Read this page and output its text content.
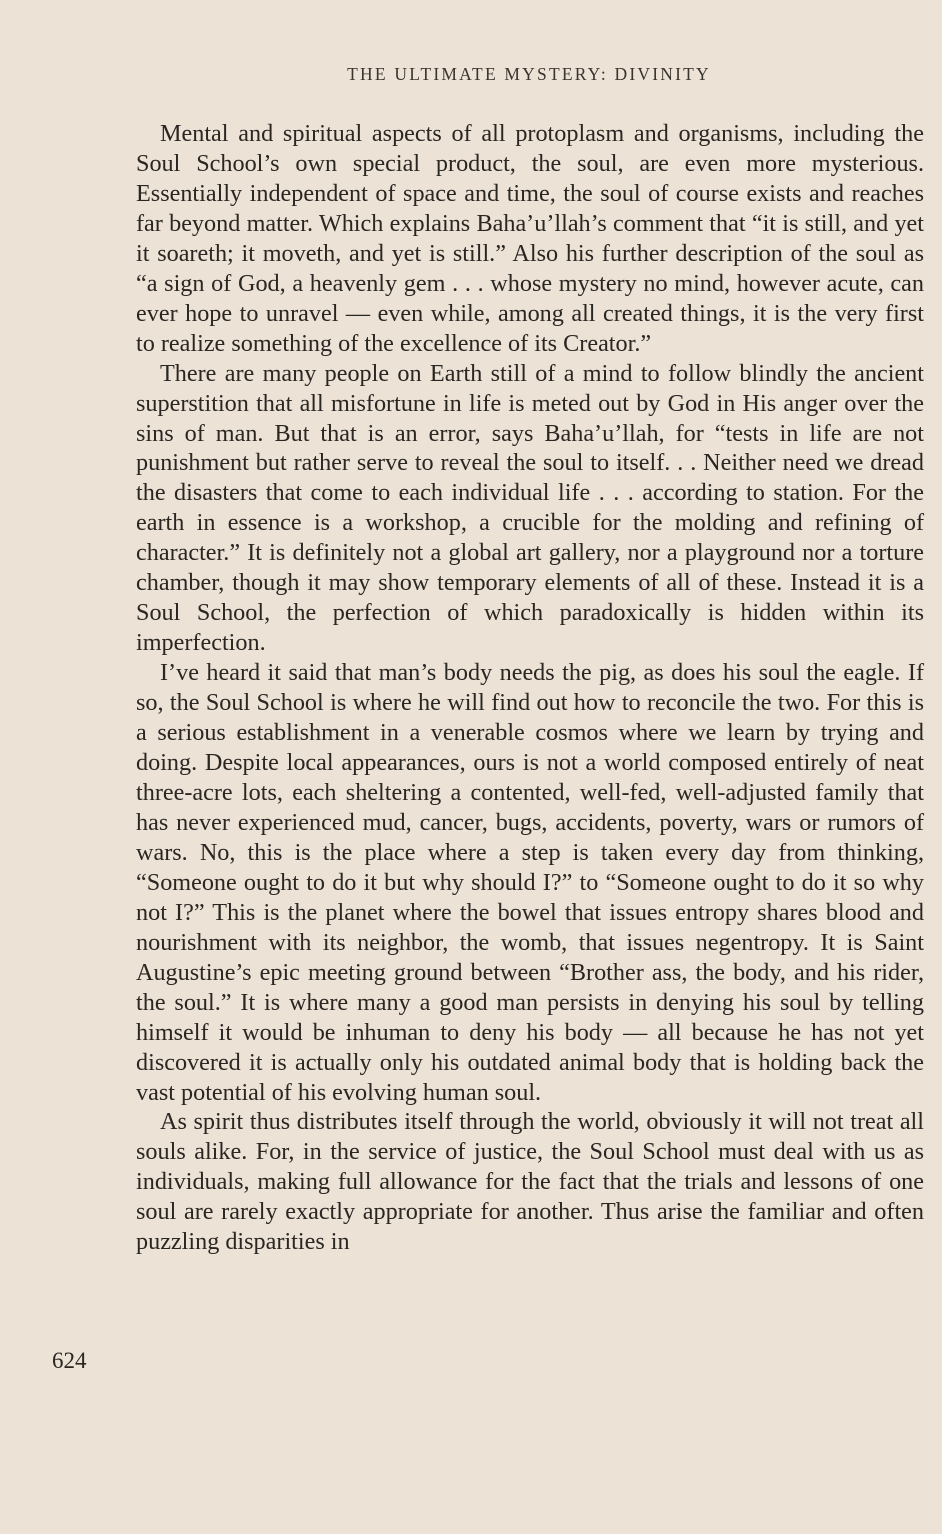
THE ULTIMATE MYSTERY: DIVINITY

Mental and spiritual aspects of all protoplasm and organisms, including the Soul School’s own special product, the soul, are even more mysterious. Essentially independent of space and time, the soul of course exists and reaches far beyond matter. Which explains Baha’u’llah’s comment that “it is still, and yet it soareth; it moveth, and yet is still.” Also his further description of the soul as “a sign of God, a heavenly gem . . . whose mystery no mind, however acute, can ever hope to unravel — even while, among all created things, it is the very first to realize something of the excellence of its Creator.”

There are many people on Earth still of a mind to follow blindly the ancient superstition that all misfortune in life is meted out by God in His anger over the sins of man. But that is an error, says Baha’u’llah, for “tests in life are not punishment but rather serve to reveal the soul to itself. . . Neither need we dread the disasters that come to each individual life . . . according to station. For the earth in essence is a workshop, a crucible for the molding and refining of character.” It is definitely not a global art gallery, nor a playground nor a torture chamber, though it may show temporary elements of all of these. Instead it is a Soul School, the perfection of which paradoxically is hidden within its imperfection.

I’ve heard it said that man’s body needs the pig, as does his soul the eagle. If so, the Soul School is where he will find out how to reconcile the two. For this is a serious establishment in a venerable cosmos where we learn by trying and doing. Despite local appearances, ours is not a world composed entirely of neat three-acre lots, each sheltering a contented, well-fed, well-adjusted family that has never experienced mud, cancer, bugs, accidents, poverty, wars or rumors of wars. No, this is the place where a step is taken every day from thinking, “Someone ought to do it but why should I?” to “Someone ought to do it so why not I?” This is the planet where the bowel that issues entropy shares blood and nourishment with its neighbor, the womb, that issues negentropy. It is Saint Augustine’s epic meeting ground between “Brother ass, the body, and his rider, the soul.” It is where many a good man persists in denying his soul by telling himself it would be inhuman to deny his body — all because he has not yet discovered it is actually only his outdated animal body that is holding back the vast potential of his evolving human soul.

As spirit thus distributes itself through the world, obviously it will not treat all souls alike. For, in the service of justice, the Soul School must deal with us as individuals, making full allowance for the fact that the trials and lessons of one soul are rarely exactly appropriate for another. Thus arise the familiar and often puzzling disparities in

624
